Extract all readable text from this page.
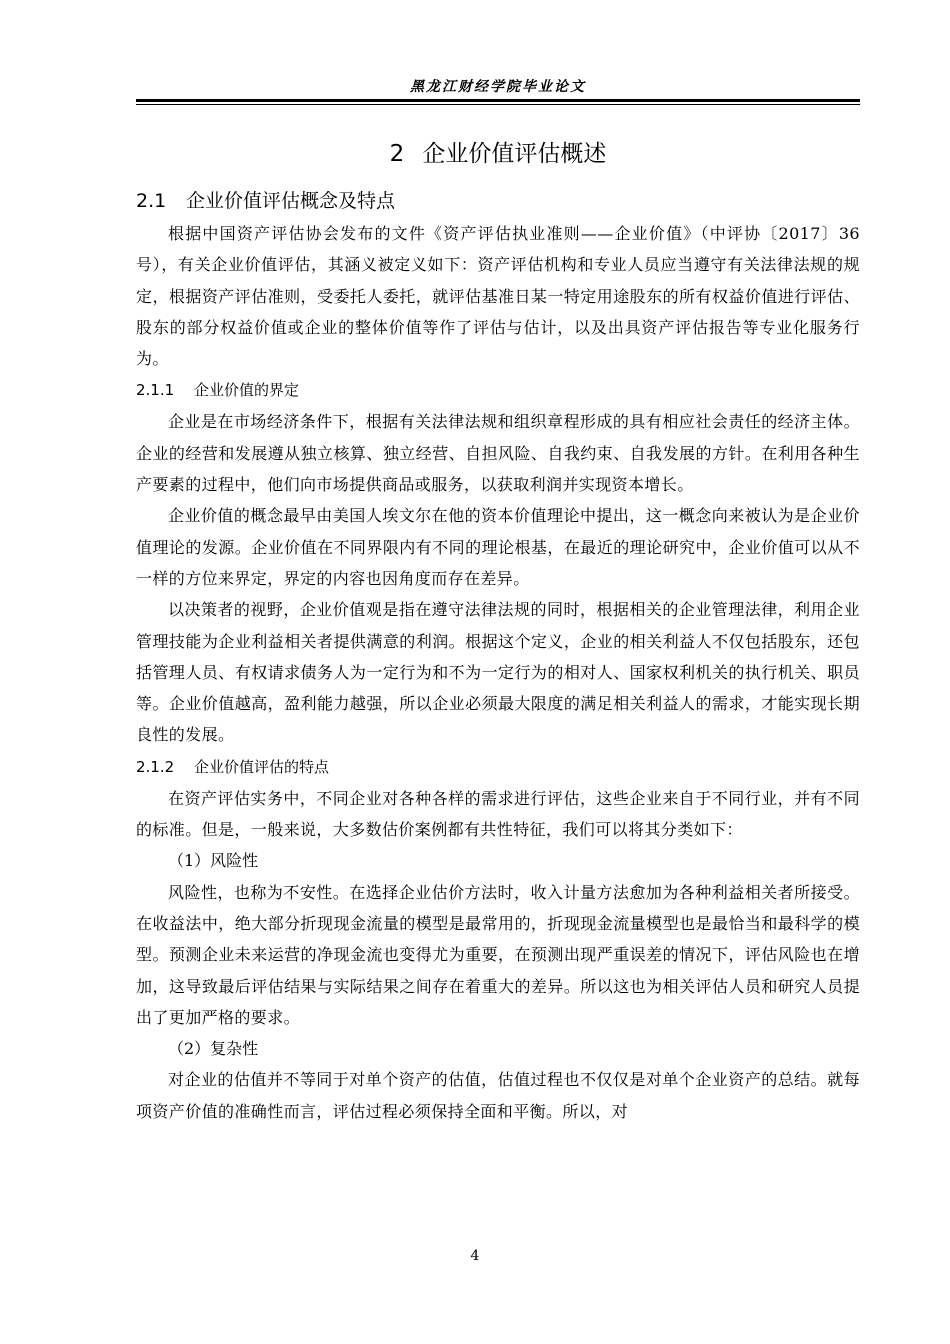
黑龙江财经学院毕业论文
2 企业价值评估概述
2.1 企业价值评估概念及特点

根据中国资产评估协会发布的文件《资产评估执业准则——企业价值》（中评协〔2017〕36号），有关企业价值评估，其涵义被定义如下：资产评估机构和专业人员应当遵守有关法律法规的规定，根据资产评估准则，受委托人委托，就评估基准日某一特定用途股东的所有权益价值进行评估、股东的部分权益价值或企业的整体价值等作了评估与估计，以及出具资产评估报告等专业化服务行为。

2.1.1 企业价值的界定

企业是在市场经济条件下，根据有关法律法规和组织章程形成的具有相应社会责任的经济主体。企业的经营和发展遵从独立核算、独立经营、自担风险、自我约束、自我发展的方针。在利用各种生产要素的过程中，他们向市场提供商品或服务，以获取利润并实现资本增长。

企业价值的概念最早由美国人埃文尔在他的资本价值理论中提出，这一概念向来被认为是企业价值理论的发源。企业价值在不同界限内有不同的理论根基，在最近的理论研究中，企业价值可以从不一样的方位来界定，界定的内容也因角度而存在差异。

以决策者的视野，企业价值观是指在遵守法律法规的同时，根据相关的企业管理法律，利用企业管理技能为企业利益相关者提供满意的利润。根据这个定义，企业的相关利益人不仅包括股东，还包括管理人员、有权请求债务人为一定行为和不为一定行为的相对人、国家权利机关的执行机关、职员等。企业价值越高，盈利能力越强，所以企业必须最大限度的满足相关利益人的需求，才能实现长期良性的发展。

2.1.2 企业价值评估的特点

在资产评估实务中，不同企业对各种各样的需求进行评估，这些企业来自于不同行业，并有不同的标准。但是，一般来说，大多数估价案例都有共性特征，我们可以将其分类如下：

（1）风险性

风险性，也称为不安性。在选择企业估价方法时，收入计量方法愈加为各种利益相关者所接受。在收益法中，绝大部分折现现金流量的模型是最常用的，折现现金流量模型也是最恰当和最科学的模型。预测企业未来运营的净现金流也变得尤为重要，在预测出现严重误差的情况下，评估风险也在增加，这导致最后评估结果与实际结果之间存在着重大的差异。所以这也为相关评估人员和研究人员提出了更加严格的要求。

（2）复杂性

对企业的估值并不等同于对单个资产的估值，估值过程也不仅仅是对单个企业资产的总结。就每项资产价值的准确性而言，评估过程必须保持全面和平衡。所以，对

4
